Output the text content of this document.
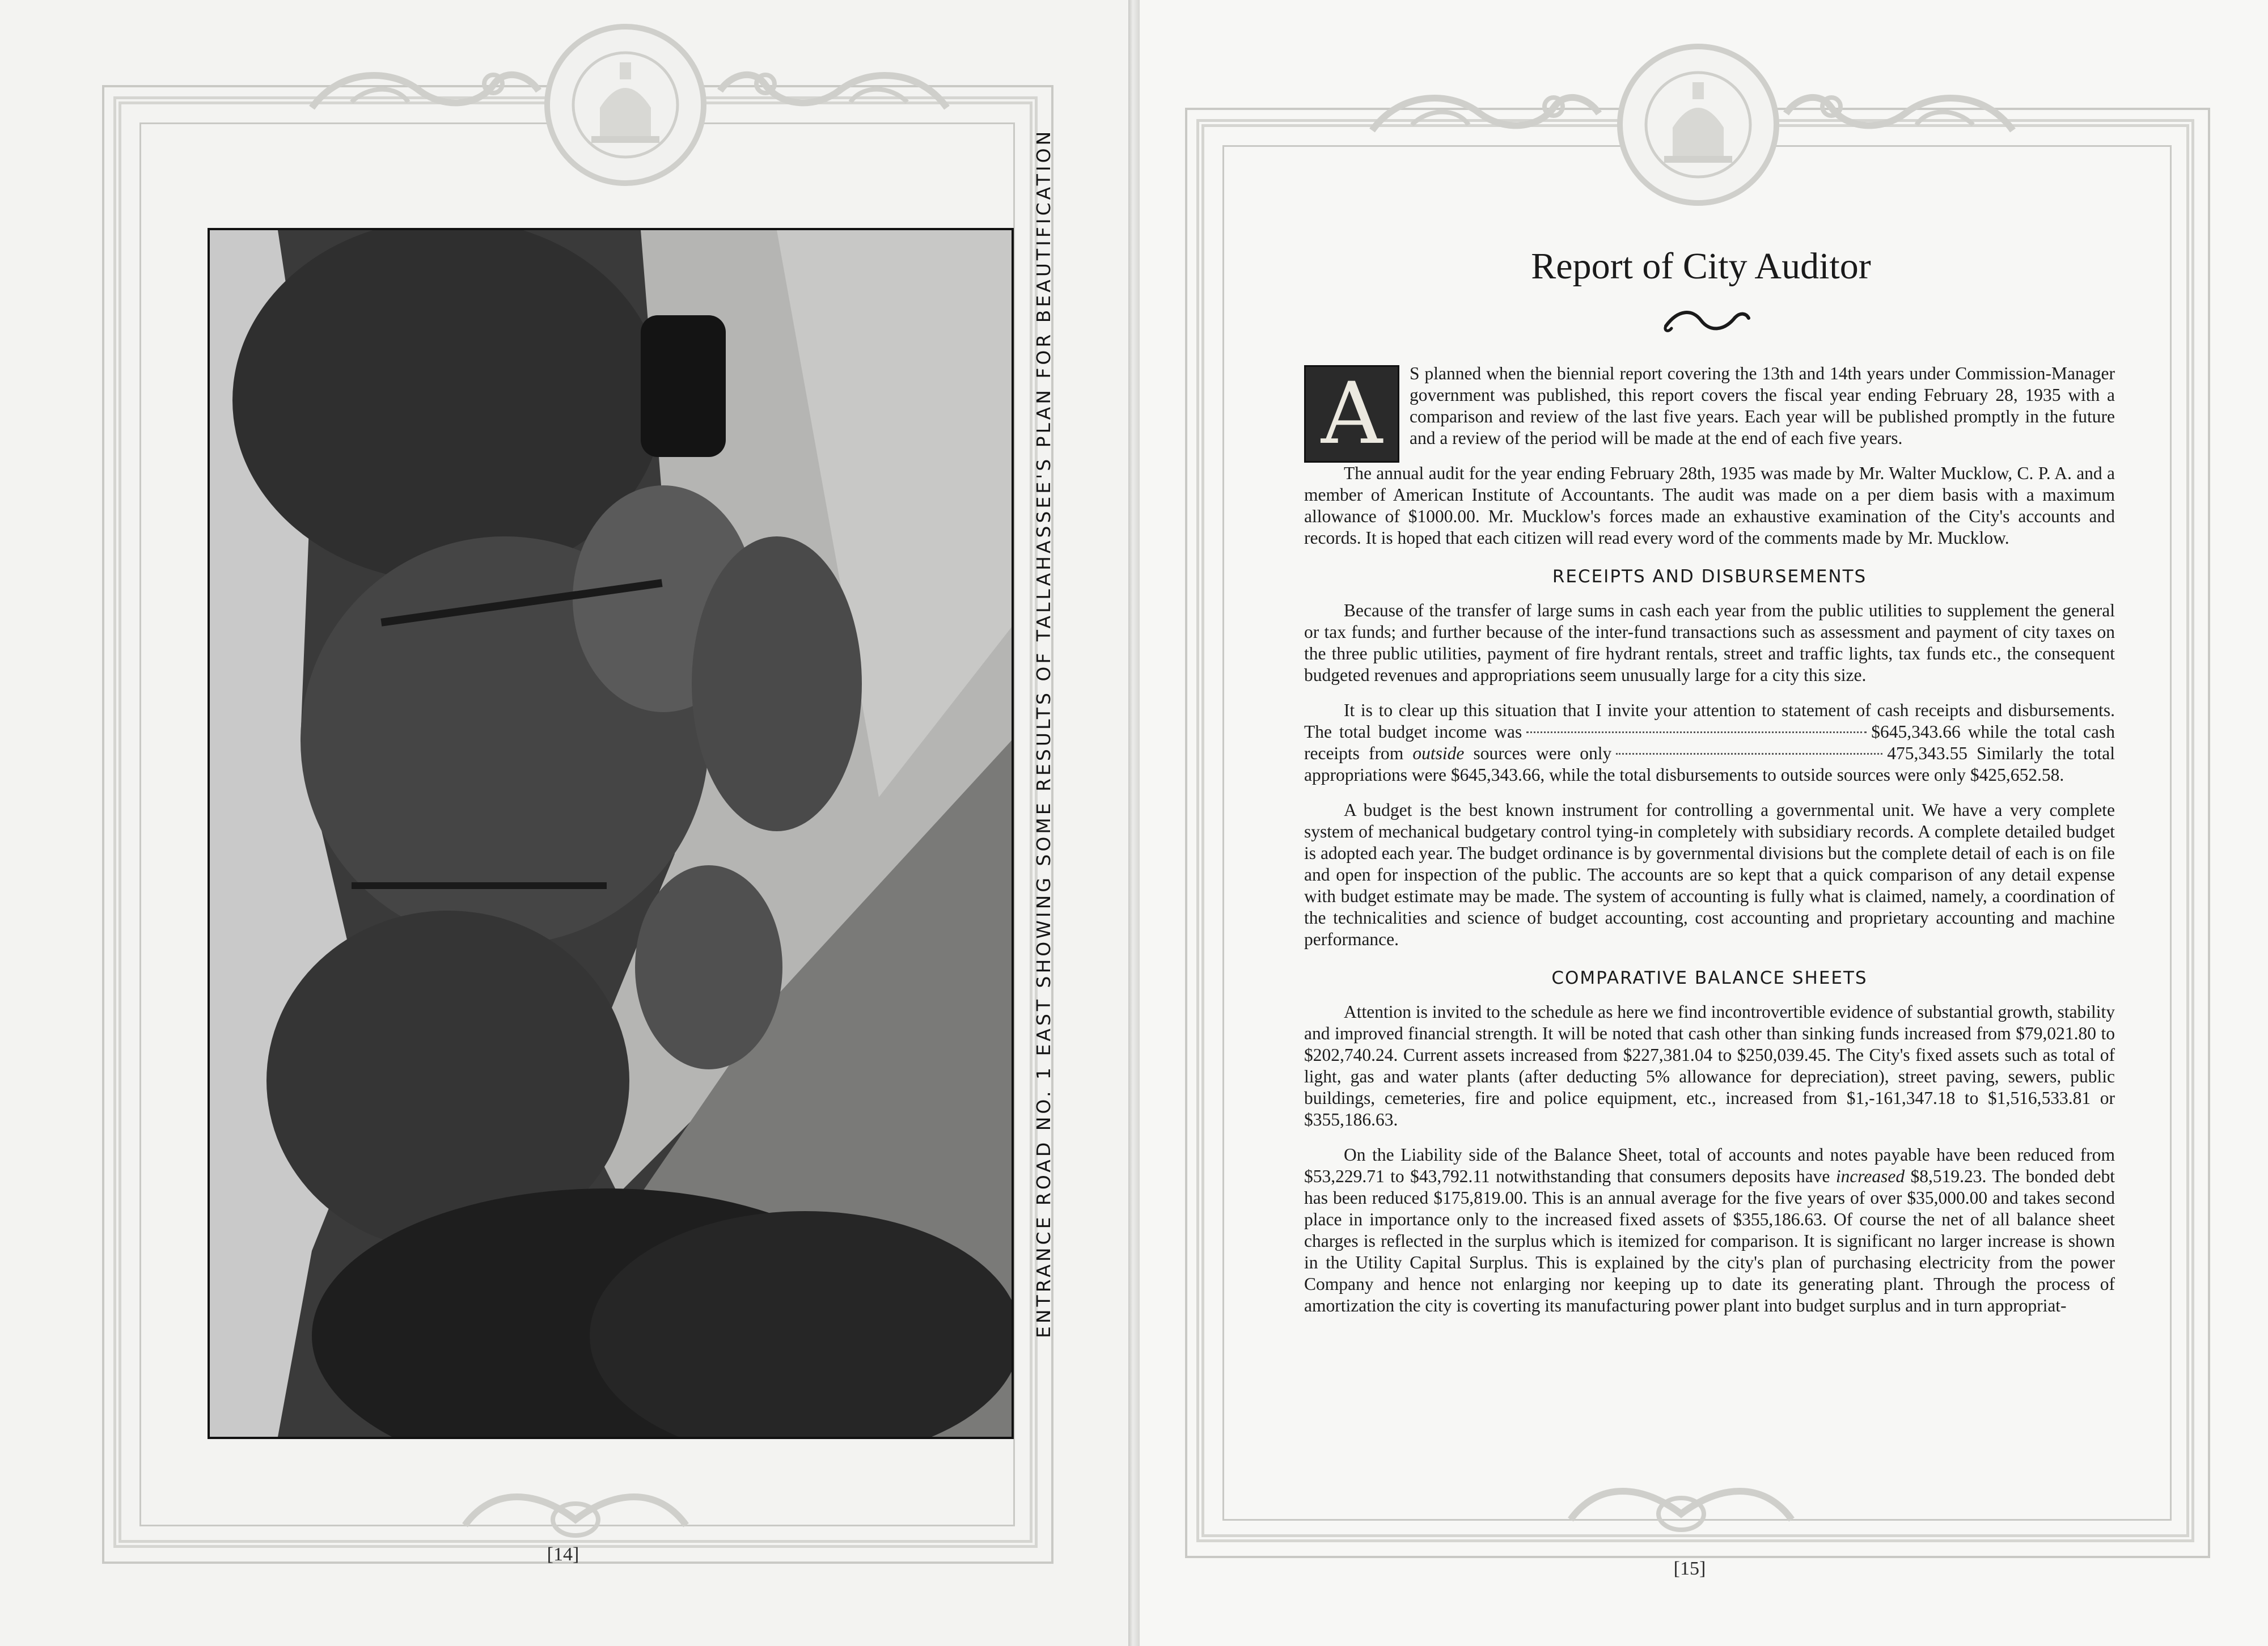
ENTRANCE ROAD NO. 1 EAST SHOWING SOME RESULTS OF TALLAHASSEE'S PLAN FOR BEAUTIFICATION
[14]
[15]
Report of City Auditor

A	S planned when the biennial report covering the 13th and 14th years under Commission-Manager government was published, this report covers the fiscal year ending February 28, 1935 with a comparison and review of the last five years. Each year will be published promptly in the future and a review of the period will be made at the end of each five years.

The annual audit for the year ending February 28th, 1935 was made by Mr. Walter Mucklow, C. P. A. and a member of American Institute of Accountants. The audit was made on a per diem basis with a maximum allowance of $1000.00. Mr. Mucklow's forces made an exhaustive examination of the City's accounts and records. It is hoped that each citizen will read every word of the comments made by Mr. Mucklow.

RECEIPTS AND DISBURSEMENTS

Because of the transfer of large sums in cash each year from the public utilities to supplement the general or tax funds; and further because of the inter-fund transactions such as assessment and payment of city taxes on the three public utilities, payment of fire hydrant rentals, street and traffic lights, tax funds etc., the consequent budgeted revenues and appropriations seem unusually large for a city this size.

It is to clear up this situation that I invite your attention to statement of cash receipts and disbursements. The total budget income was	$645,343.66 while the total cash receipts from outside sources were only	475,343.55 Similarly the total appropriations were $645,343.66, while the total disbursements to outside sources were only $425,652.58.

A budget is the best known instrument for controlling a governmental unit. We have a very complete system of mechanical budgetary control tying-in completely with subsidiary records. A complete detailed budget is adopted each year. The budget ordinance is by governmental divisions but the complete detail of each is on file and open for inspection of the public. The accounts are so kept that a quick comparison of any detail expense with budget estimate may be made. The system of accounting is fully what is claimed, namely, a coordination of the technicalities and science of budget accounting, cost accounting and proprietary accounting and machine performance.

COMPARATIVE BALANCE SHEETS

Attention is invited to the schedule as here we find incontrovertible evidence of substantial growth, stability and improved financial strength. It will be noted that cash other than sinking funds increased from $79,021.80 to $202,740.24. Current assets increased from $227,381.04 to $250,039.45. The City's fixed assets such as total of light, gas and water plants (after deducting 5% allowance for depreciation), street paving, sewers, public buildings, cemeteries, fire and police equipment, etc., increased from $1,-161,347.18 to $1,516,533.81 or $355,186.63.

On the Liability side of the Balance Sheet, total of accounts and notes payable have been reduced from $53,229.71 to $43,792.11 notwithstanding that consumers deposits have increased $8,519.23. The bonded debt has been reduced $175,819.00. This is an annual average for the five years of over $35,000.00 and takes second place in importance only to the increased fixed assets of $355,186.63. Of course the net of all balance sheet charges is reflected in the surplus which is itemized for comparison. It is significant no larger increase is shown in the Utility Capital Surplus. This is explained by the city's plan of purchasing electricity from the power Company and hence not enlarging nor keeping up to date its generating plant. Through the process of amortization the city is coverting its manufacturing power plant into budget surplus and in turn appropriat-
